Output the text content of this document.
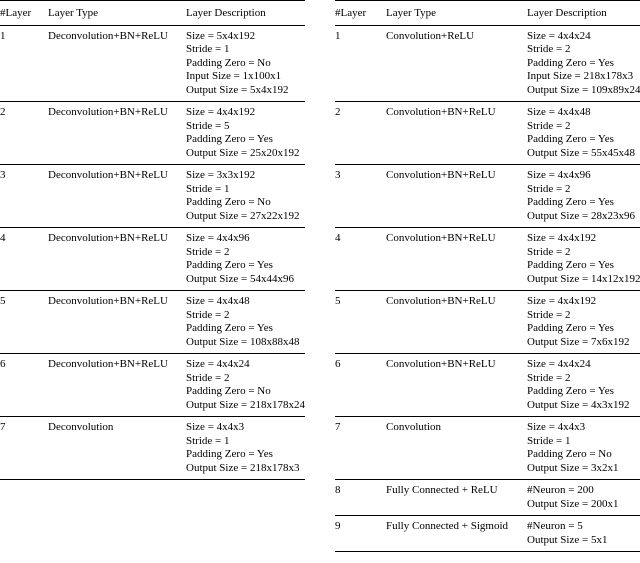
#Layer	Layer Type	Layer Description
1	Deconvolution+BN+ReLU	Size = 5x4x192
Stride = 1
Padding Zero = No
Input Size = 1x100x1
Output Size = 5x4x192

2	Deconvolution+BN+ReLU	Size = 4x4x192
Stride = 5
Padding Zero = Yes
Output Size = 25x20x192

3	Deconvolution+BN+ReLU	Size = 3x3x192
Stride = 1
Padding Zero = No
Output Size = 27x22x192

4	Deconvolution+BN+ReLU	Size = 4x4x96
Stride = 2
Padding Zero = Yes
Output Size = 54x44x96

5	Deconvolution+BN+ReLU	Size = 4x4x48
Stride = 2
Padding Zero = Yes
Output Size = 108x88x48

6	Deconvolution+BN+ReLU	Size = 4x4x24
Stride = 2
Padding Zero = No
Output Size = 218x178x24

7	Deconvolution	Size = 4x4x3
Stride = 1
Padding Zero = Yes
Output Size = 218x178x3
#Layer	Layer Type	Layer Description
1	Convolution+ReLU	Size = 4x4x24
Stride = 2
Padding Zero = Yes
Input Size = 218x178x3
Output Size = 109x89x24

2	Convolution+BN+ReLU	Size = 4x4x48
Stride = 2
Padding Zero = Yes
Output Size = 55x45x48

3	Convolution+BN+ReLU	Size = 4x4x96
Stride = 2
Padding Zero = Yes
Output Size = 28x23x96

4	Convolution+BN+ReLU	Size = 4x4x192
Stride = 2
Padding Zero = Yes
Output Size = 14x12x192

5	Convolution+BN+ReLU	Size = 4x4x192
Stride = 2
Padding Zero = Yes
Output Size = 7x6x192

6	Convolution+BN+ReLU	Size = 4x4x24
Stride = 2
Padding Zero = Yes
Output Size = 4x3x192

7	Convolution	Size = 4x4x3
Stride = 1
Padding Zero = No
Output Size = 3x2x1

8	Fully Connected + ReLU	#Neuron = 200
Output Size = 200x1

9	Fully Connected + Sigmoid	#Neuron = 5
Output Size = 5x1
